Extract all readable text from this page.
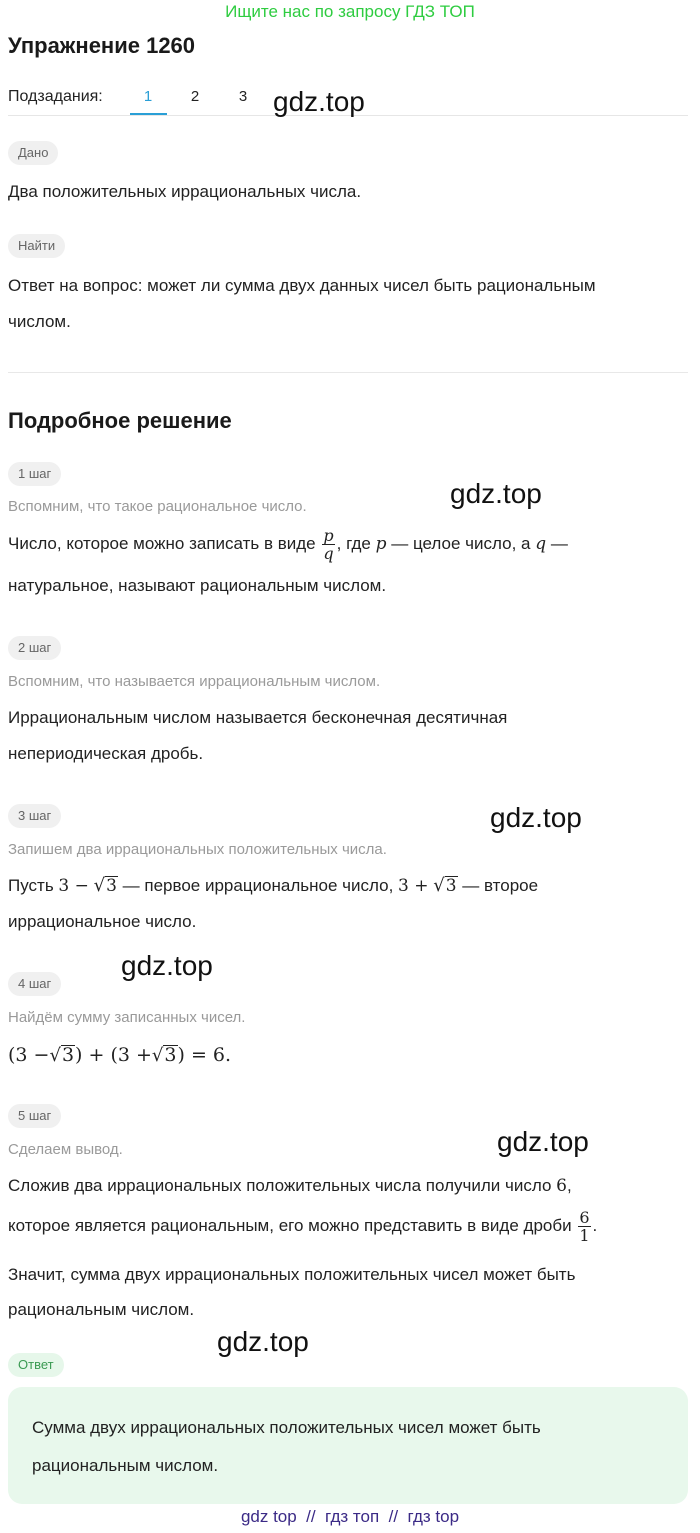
Ищите нас по запросу ГДЗ ТОП
Упражнение 1260
Подзадания:	1	2	3 gdz.top
gdz.top
gdz.top
gdz.top
gdz.top
gdz.top
Дано
Два положительных иррациональных числа.
Найти
Ответ на вопрос: может ли сумма двух данных чисел быть рациональным
числом.
Подробное решение
1 шаг
Вспомним, что такое рациональное число.
Число, которое можно записать в виде $\frac{p}{q}$ , где p — целое число, а q —
натуральное, называют рациональным числом.
2 шаг
Вспомним, что называется иррациональным числом.
Иррациональным числом называется бесконечная десятичная
непериодическая дробь.
3 шаг
Запишем два иррациональных положительных числа.
Пусть 3 − √3 — первое иррациональное число, 3 + √3 — второе
иррациональное число.
4 шаг
Найдём сумму записанных чисел.
(3 −√3) + (3 +√3) = 6.
5 шаг
Сделаем вывод.
Сложив два иррациональных положительных числа получили число 6,
которое является рациональным, его можно представить в виде дроби $\frac{6}{1}$ .
Значит, сумма двух иррациональных положительных чисел может быть
рациональным числом.
Ответ
Сумма двух иррациональных положительных чисел может быть
рациональным числом.
gdz top  //  гдз топ  //  гдз top
